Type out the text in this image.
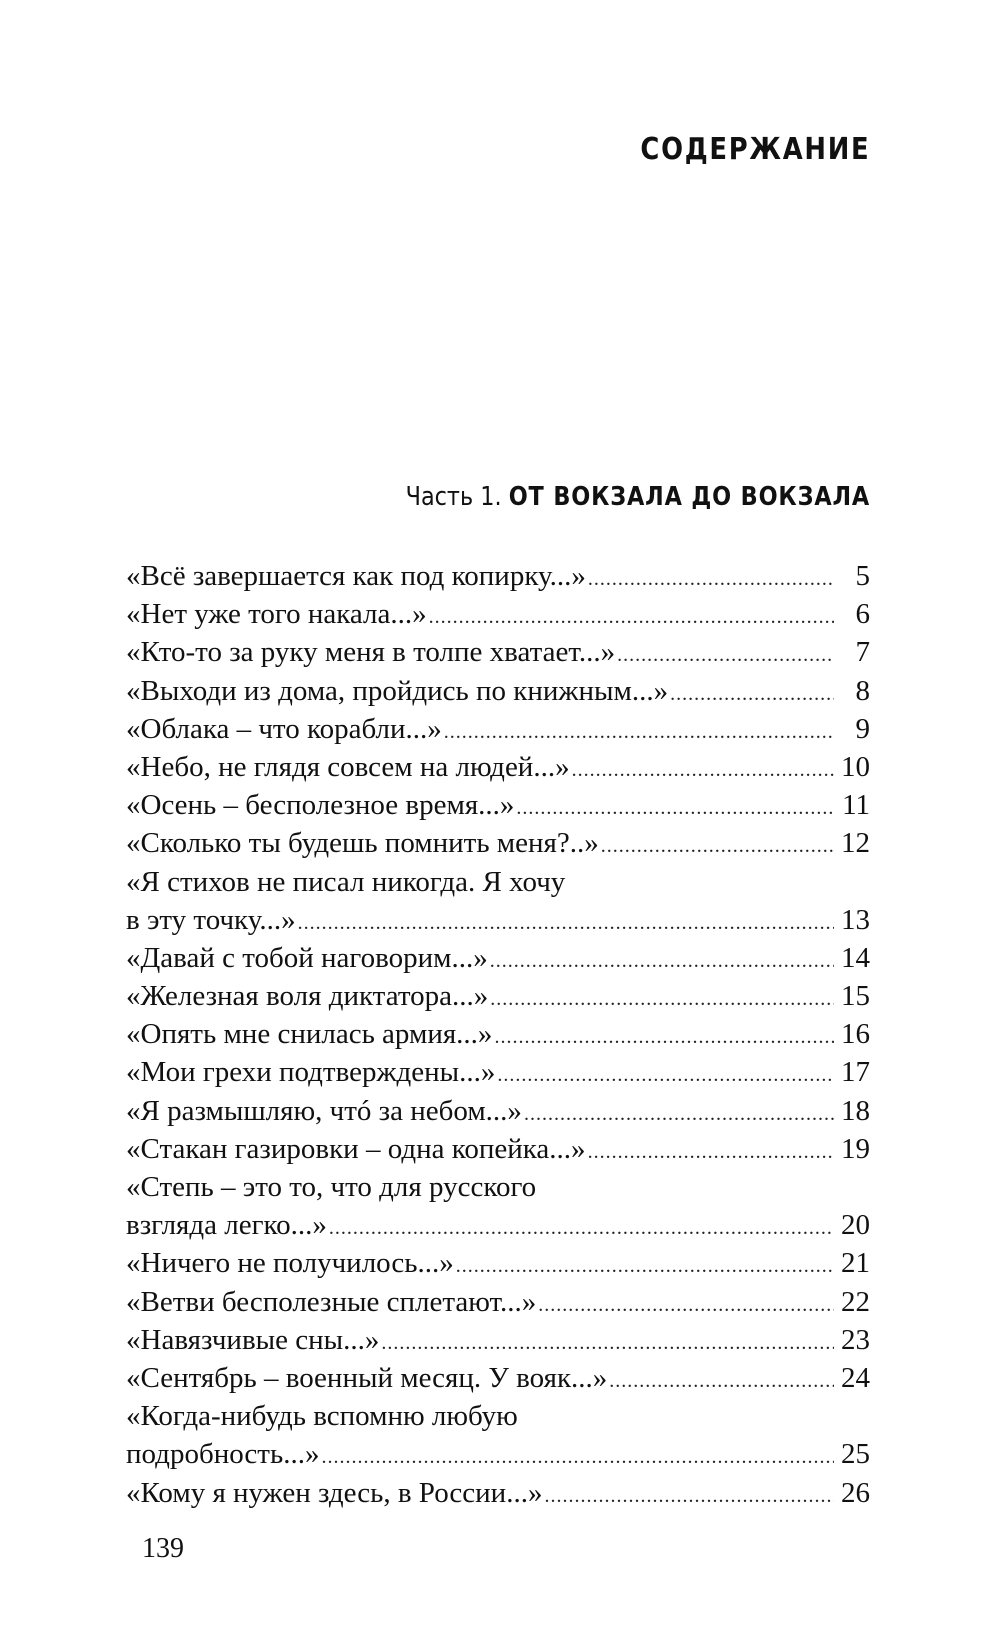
СОДЕРЖАНИЕ
Часть 1. ОТ ВОКЗАЛА ДО ВОКЗАЛА
«Всё завершается как под копирку...» .....	5
«Нет уже того накала...» .....	6
«Кто-то за руку меня в толпе хватает...» .....	7
«Выходи из дома, пройдись по книжным...» .....	8
«Облака – что корабли...» .....	9
«Небо, не глядя совсем на людей...» .....	10
«Осень – бесполезное время...» .....	11
«Сколько ты будешь помнить меня?..» .....	12
«Я стихов не писал никогда. Я хочу
в эту точку...» .....	13
«Давай с тобой наговорим...» .....	14
«Железная воля диктатора...» .....	15
«Опять мне снилась армия...» .....	16
«Мои грехи подтверждены...» .....	17
«Я размышляю, чтó за небом...» .....	18
«Стакан газировки – одна копейка...» .....	19
«Степь – это то, что для русского
взгляда легко...» .....	20
«Ничего не получилось...» .....	21
«Ветви бесполезные сплетают...» .....	22
«Навязчивые сны...» .....	23
«Сентябрь – военный месяц. У вояк...» .....	24
«Когда-нибудь вспомню любую
подробность...» .....	25
«Кому я нужен здесь, в России...» .....	26
139
